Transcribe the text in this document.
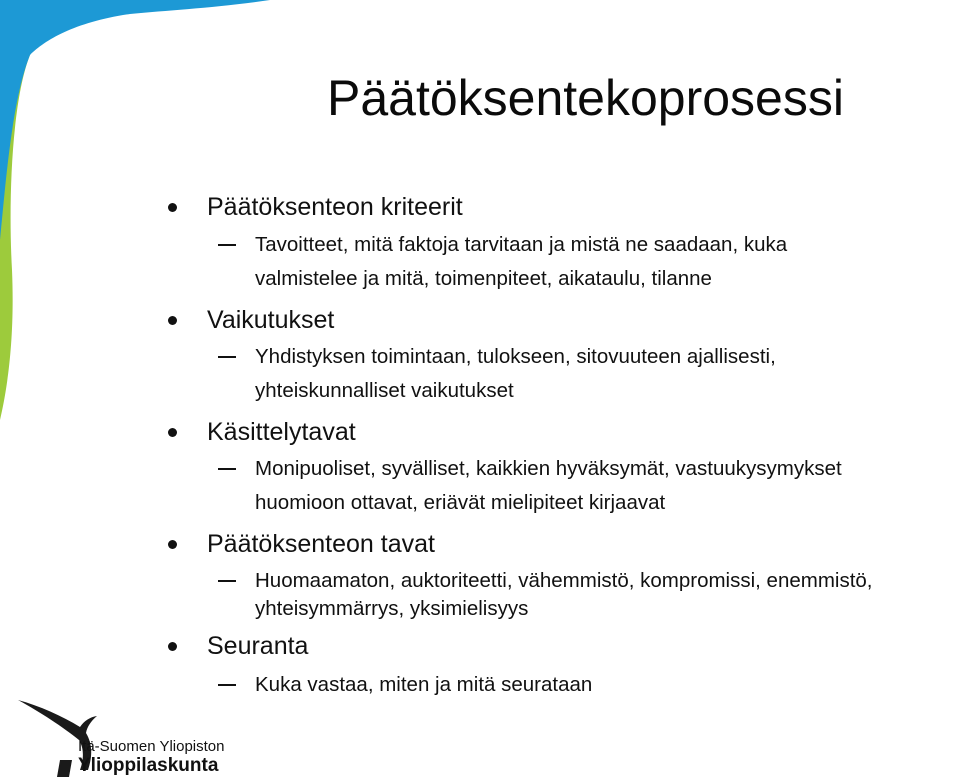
Päätöksentekoprosessi
Päätöksenteon kriteerit
Tavoitteet, mitä faktoja tarvitaan ja mistä ne saadaan, kuka
valmistelee ja mitä, toimenpiteet, aikataulu, tilanne
Vaikutukset
Yhdistyksen toimintaan, tulokseen, sitovuuteen ajallisesti,
yhteiskunnalliset vaikutukset
Käsittelytavat
Monipuoliset, syvälliset, kaikkien hyväksymät, vastuukysymykset
huomioon ottavat, eriävät mielipiteet kirjaavat
Päätöksenteon tavat
Huomaamaton, auktoriteetti, vähemmistö, kompromissi, enemmistö,
yhteisymmärrys, yksimielisyys
Seuranta
Kuka vastaa, miten ja mitä seurataan
Itä-Suomen Yliopiston
Ylioppilaskunta
